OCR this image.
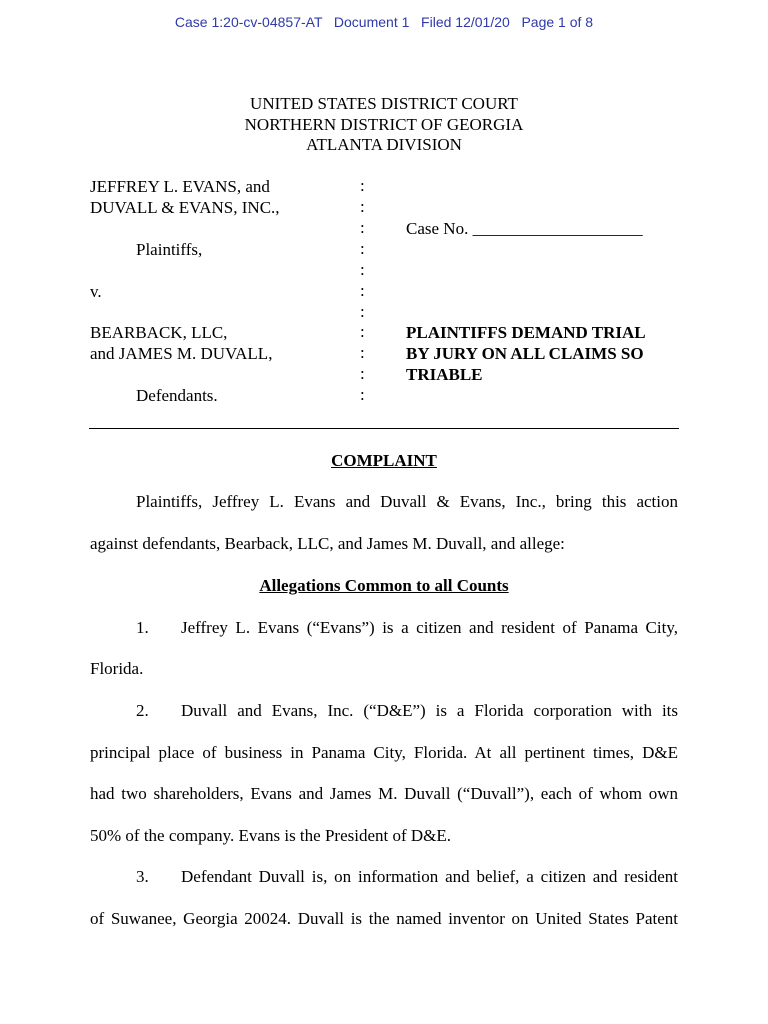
Case 1:20-cv-04857-AT   Document 1   Filed 12/01/20   Page 1 of 8
UNITED STATES DISTRICT COURT
NORTHERN DISTRICT OF GEORGIA
ATLANTA DIVISION
JEFFREY L. EVANS, and
DUVALL & EVANS, INC.,
Plaintiffs,
v.
BEARBACK, LLC,
and JAMES M. DUVALL,
Defendants.
:
:
:
:
:
:
:
:
:
:
:
Case No. ____________________
PLAINTIFFS DEMAND TRIAL
BY JURY ON ALL CLAIMS SO
TRIABLE
COMPLAINT
Plaintiffs, Jeffrey L. Evans and Duvall & Evans, Inc., bring this action
against defendants, Bearback, LLC, and James M. Duvall, and allege:
Allegations Common to all Counts
1. Jeffrey L. Evans (“Evans”) is a citizen and resident of Panama City,
Florida.
2. Duvall and Evans, Inc. (“D&E”) is a Florida corporation with its
principal place of business in Panama City, Florida. At all pertinent times, D&E
had two shareholders, Evans and James M. Duvall (“Duvall”), each of whom own
50% of the company. Evans is the President of D&E.
3. Defendant Duvall is, on information and belief, a citizen and resident
of Suwanee, Georgia 20024. Duvall is the named inventor on United States Patent
